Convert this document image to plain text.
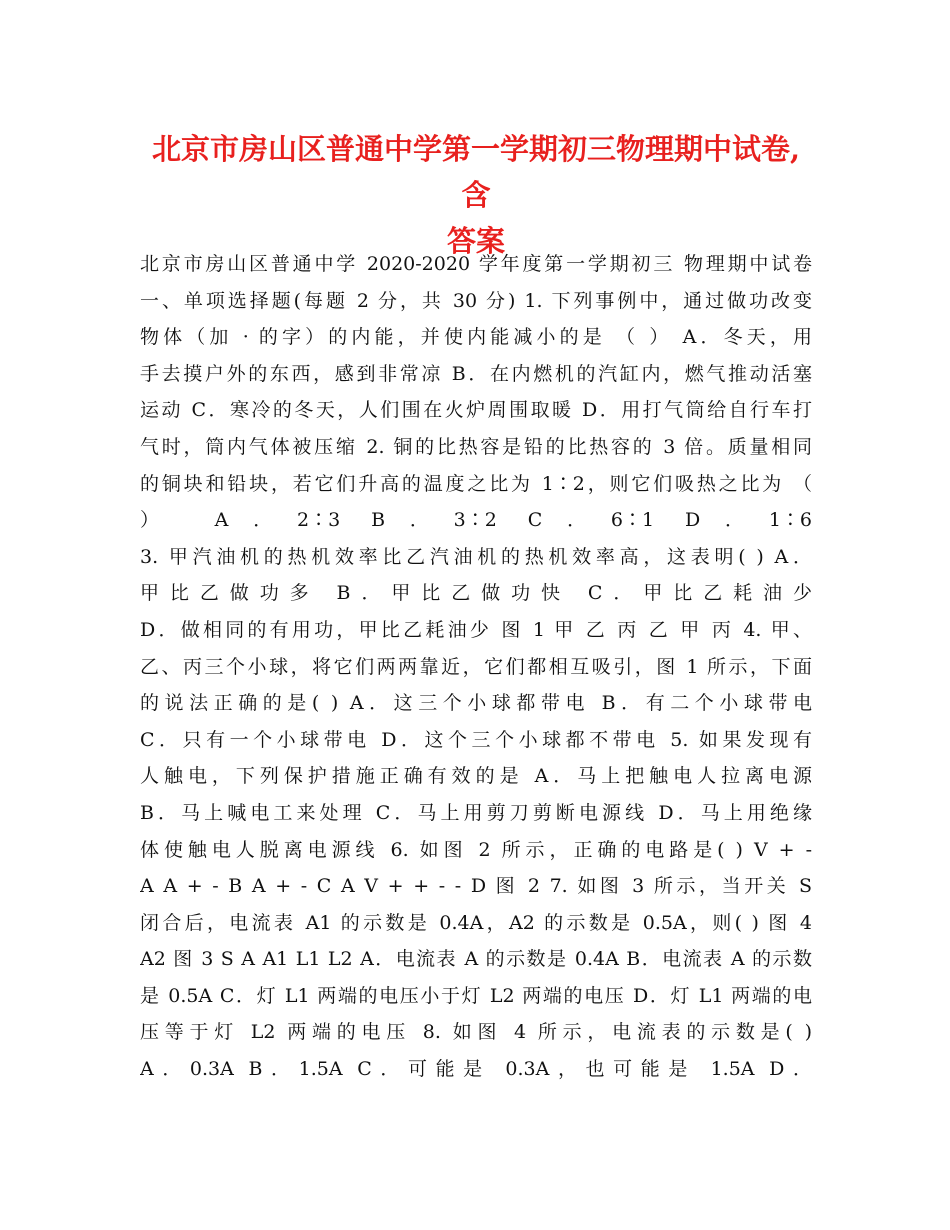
北京市房山区普通中学第一学期初三物理期中试卷,含
答案
北京市房山区普通中学 2020-2020 学年度第一学期初三 物理期中试卷
一、单项选择题(每题 2 分，共 30 分) 1. 下列事例中，通过做功改变
物体（加 · 的字）的内能，并使内能减小的是 （ ） A．冬天，用
手去摸户外的东西，感到非常凉 B．在内燃机的汽缸内，燃气推动活塞
运动 C．寒冷的冬天，人们围在火炉周围取暖 D．用打气筒给自行车打
气时，筒内气体被压缩 2. 铜的比热容是铅的比热容的 3 倍。质量相同
的铜块和铅块，若它们升高的温度之比为 1∶2，则它们吸热之比为 （
） A．2∶3 B．3∶2 C．6∶1 D．1∶6
3. 甲汽油机的热机效率比乙汽油机的热机效率高，这表明( ) A．
甲比乙做功多 B．甲比乙做功快 C．甲比乙耗油少
D．做相同的有用功，甲比乙耗油少 图 1 甲 乙 丙 乙 甲 丙 4. 甲、
乙、丙三个小球，将它们两两靠近，它们都相互吸引，图 1 所示，下面
的说法正确的是( ) A．这三个小球都带电 B．有二个小球带电
C．只有一个小球带电 D．这个三个小球都不带电 5. 如果发现有
人触电，下列保护措施正确有效的是 A．马上把触电人拉离电源
B．马上喊电工来处理 C．马上用剪刀剪断电源线 D．马上用绝缘
体使触电人脱离电源线 6. 如图 2 所示，正确的电路是( ) V + -
A A + - B A + - C A V + + - - D 图 2 7. 如图 3 所示，当开关 S
闭合后，电流表 A1 的示数是 0.4A，A2 的示数是 0.5A，则( ) 图 4
A2 图 3 S A A1 L1 L2 A．电流表 A 的示数是 0.4A B．电流表 A 的示数
是 0.5A C．灯 L1 两端的电压小于灯 L2 两端的电压 D．灯 L1 两端的电
压等于灯 L2 两端的电压 8. 如图 4 所示，电流表的示数是( )
A．0.3A B．1.5A C．可能是 0.3A，也可能是 1.5A D．
